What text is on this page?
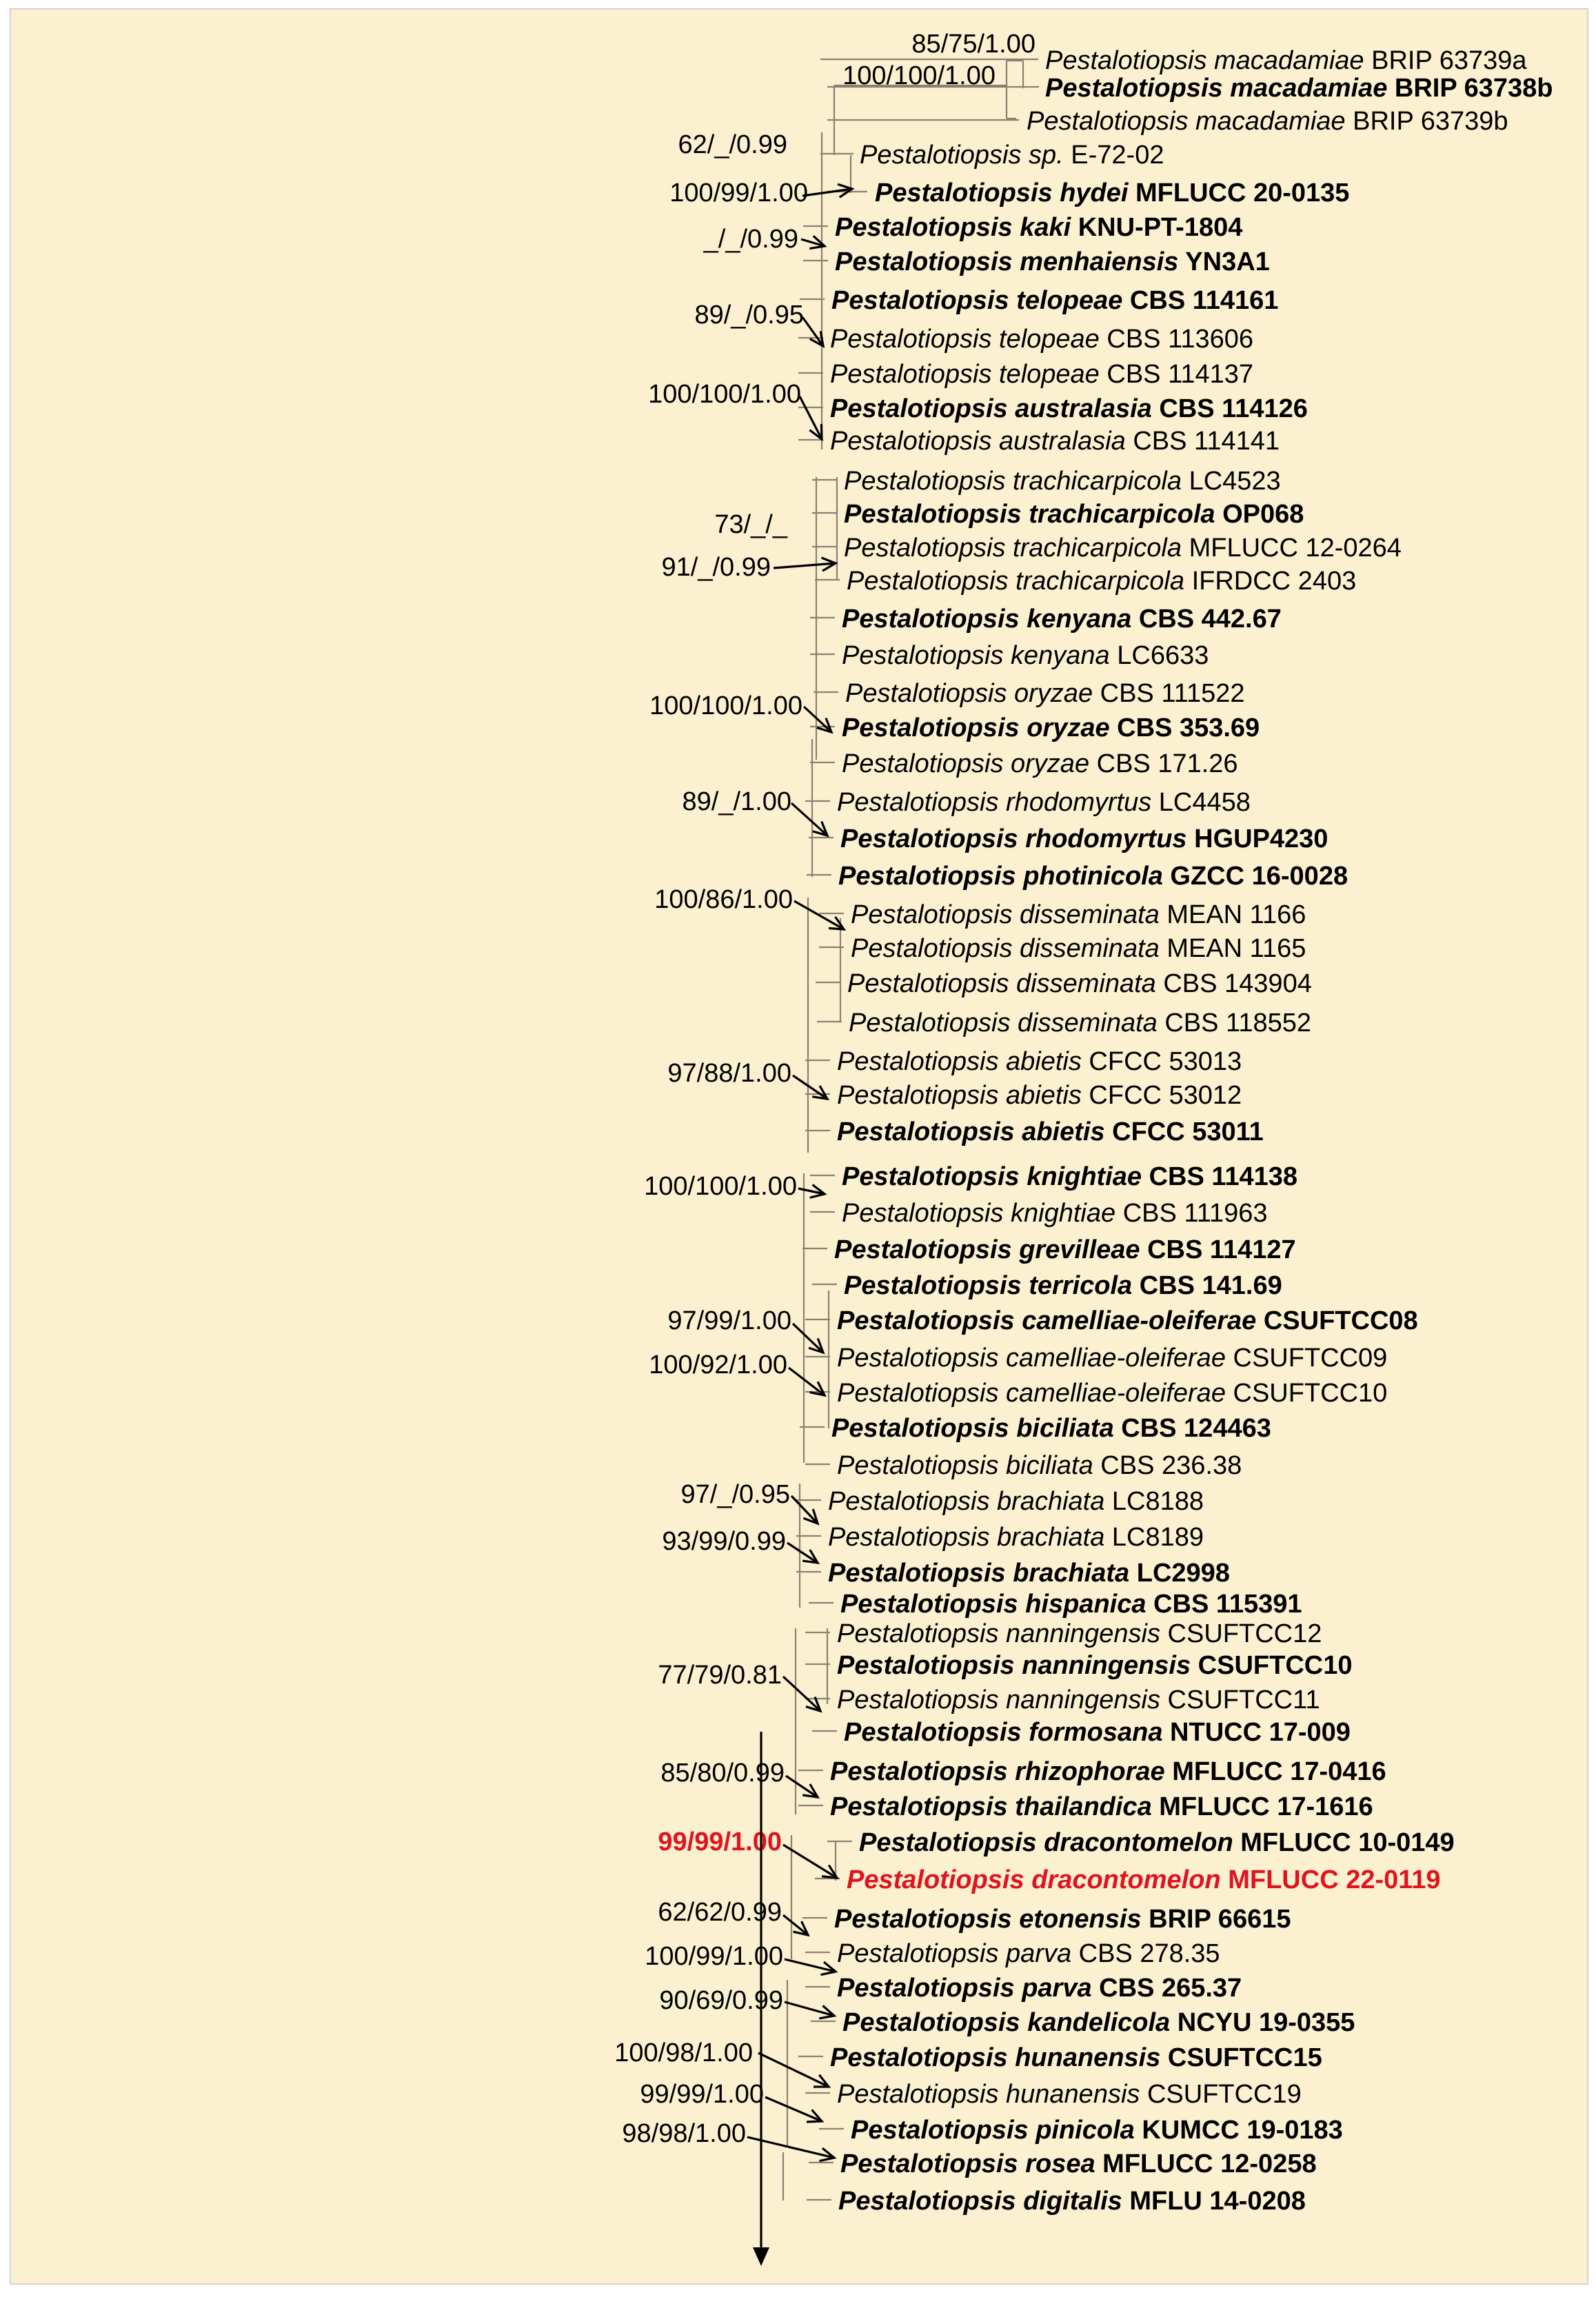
Pestalotiopsis macadamiae BRIP 63739a
Pestalotiopsis macadamiae BRIP 63738b
Pestalotiopsis macadamiae BRIP 63739b
Pestalotiopsis sp. E-72-02
Pestalotiopsis hydei MFLUCC 20-0135
Pestalotiopsis kaki KNU-PT-1804
Pestalotiopsis menhaiensis YN3A1
Pestalotiopsis telopeae CBS 114161
Pestalotiopsis telopeae CBS 113606
Pestalotiopsis telopeae CBS 114137
Pestalotiopsis australasia CBS 114126
Pestalotiopsis australasia CBS 114141
Pestalotiopsis trachicarpicola LC4523
Pestalotiopsis trachicarpicola OP068
Pestalotiopsis trachicarpicola MFLUCC 12-0264
Pestalotiopsis trachicarpicola IFRDCC 2403
Pestalotiopsis kenyana CBS 442.67
Pestalotiopsis kenyana LC6633
Pestalotiopsis oryzae CBS 111522
Pestalotiopsis oryzae CBS 353.69
Pestalotiopsis oryzae CBS 171.26
Pestalotiopsis rhodomyrtus LC4458
Pestalotiopsis rhodomyrtus HGUP4230
Pestalotiopsis photinicola GZCC 16-0028
Pestalotiopsis disseminata MEAN 1166
Pestalotiopsis disseminata MEAN 1165
Pestalotiopsis disseminata CBS 143904
Pestalotiopsis disseminata CBS 118552
Pestalotiopsis abietis CFCC 53013
Pestalotiopsis abietis CFCC 53012
Pestalotiopsis abietis CFCC 53011
Pestalotiopsis knightiae CBS 114138
Pestalotiopsis knightiae CBS 111963
Pestalotiopsis grevilleae CBS 114127
Pestalotiopsis terricola CBS 141.69
Pestalotiopsis camelliae-oleiferae CSUFTCC08
Pestalotiopsis camelliae-oleiferae CSUFTCC09
Pestalotiopsis camelliae-oleiferae CSUFTCC10
Pestalotiopsis biciliata CBS 124463
Pestalotiopsis biciliata CBS 236.38
Pestalotiopsis brachiata LC8188
Pestalotiopsis brachiata LC8189
Pestalotiopsis brachiata LC2998
Pestalotiopsis hispanica CBS 115391
Pestalotiopsis nanningensis CSUFTCC12
Pestalotiopsis nanningensis CSUFTCC10
Pestalotiopsis nanningensis CSUFTCC11
Pestalotiopsis formosana NTUCC 17-009
Pestalotiopsis rhizophorae MFLUCC 17-0416
Pestalotiopsis thailandica MFLUCC 17-1616
Pestalotiopsis dracontomelon MFLUCC 10-0149
Pestalotiopsis dracontomelon MFLUCC 22-0119
Pestalotiopsis etonensis BRIP 66615
Pestalotiopsis parva CBS 278.35
Pestalotiopsis parva CBS 265.37
Pestalotiopsis kandelicola NCYU 19-0355
Pestalotiopsis hunanensis CSUFTCC15
Pestalotiopsis hunanensis CSUFTCC19
Pestalotiopsis pinicola KUMCC 19-0183
Pestalotiopsis rosea MFLUCC 12-0258
Pestalotiopsis digitalis MFLU 14-0208
85/75/1.00
100/100/1.00
62/_/0.99
100/99/1.00
_/_/0.99
89/_/0.95
100/100/1.00
73/_/_
91/_/0.99
100/100/1.00
89/_/1.00
100/86/1.00
97/88/1.00
100/100/1.00
97/99/1.00
100/92/1.00
97/_/0.95
93/99/0.99
77/79/0.81
85/80/0.99
99/99/1.00
62/62/0.99
100/99/1.00
90/69/0.99
100/98/1.00
99/99/1.00
98/98/1.00
